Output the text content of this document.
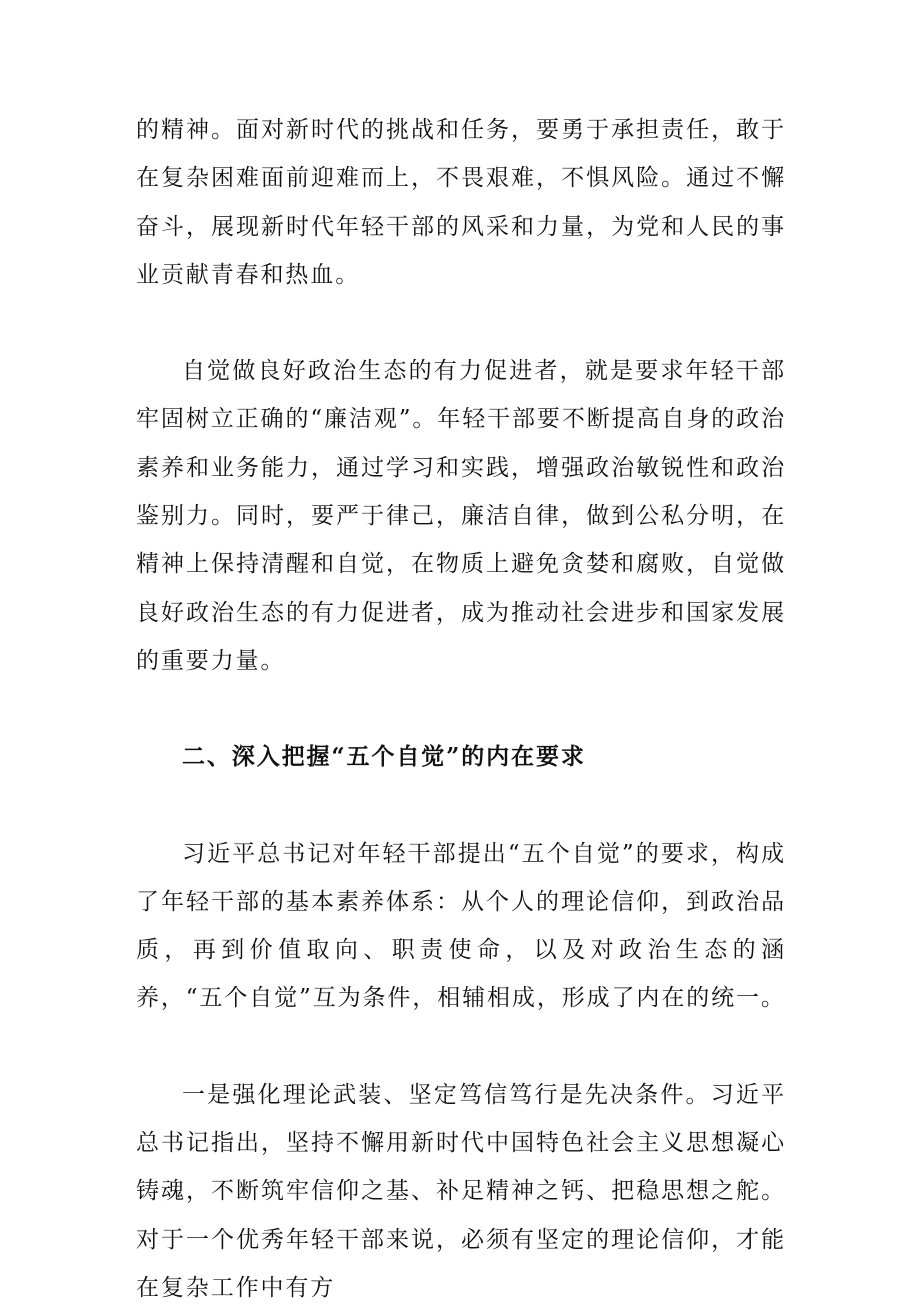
的精神。面对新时代的挑战和任务，要勇于承担责任，敢于在复杂困难面前迎难而上，不畏艰难，不惧风险。通过不懈奋斗，展现新时代年轻干部的风采和力量，为党和人民的事业贡献青春和热血。

自觉做良好政治生态的有力促进者，就是要求年轻干部牢固树立正确的“廉洁观”。年轻干部要不断提高自身的政治素养和业务能力，通过学习和实践，增强政治敏锐性和政治鉴别力。同时，要严于律己，廉洁自律，做到公私分明，在精神上保持清醒和自觉，在物质上避免贪婪和腐败，自觉做良好政治生态的有力促进者，成为推动社会进步和国家发展的重要力量。

二、深入把握“五个自觉”的内在要求

习近平总书记对年轻干部提出“五个自觉”的要求，构成了年轻干部的基本素养体系：从个人的理论信仰，到政治品质，再到价值取向、职责使命，以及对政治生态的涵养，“五个自觉”互为条件，相辅相成，形成了内在的统一。

一是强化理论武装、坚定笃信笃行是先决条件。习近平总书记指出，坚持不懈用新时代中国特色社会主义思想凝心铸魂，不断筑牢信仰之基、补足精神之钙、把稳思想之舵。对于一个优秀年轻干部来说，必须有坚定的理论信仰，才能在复杂工作中有方
